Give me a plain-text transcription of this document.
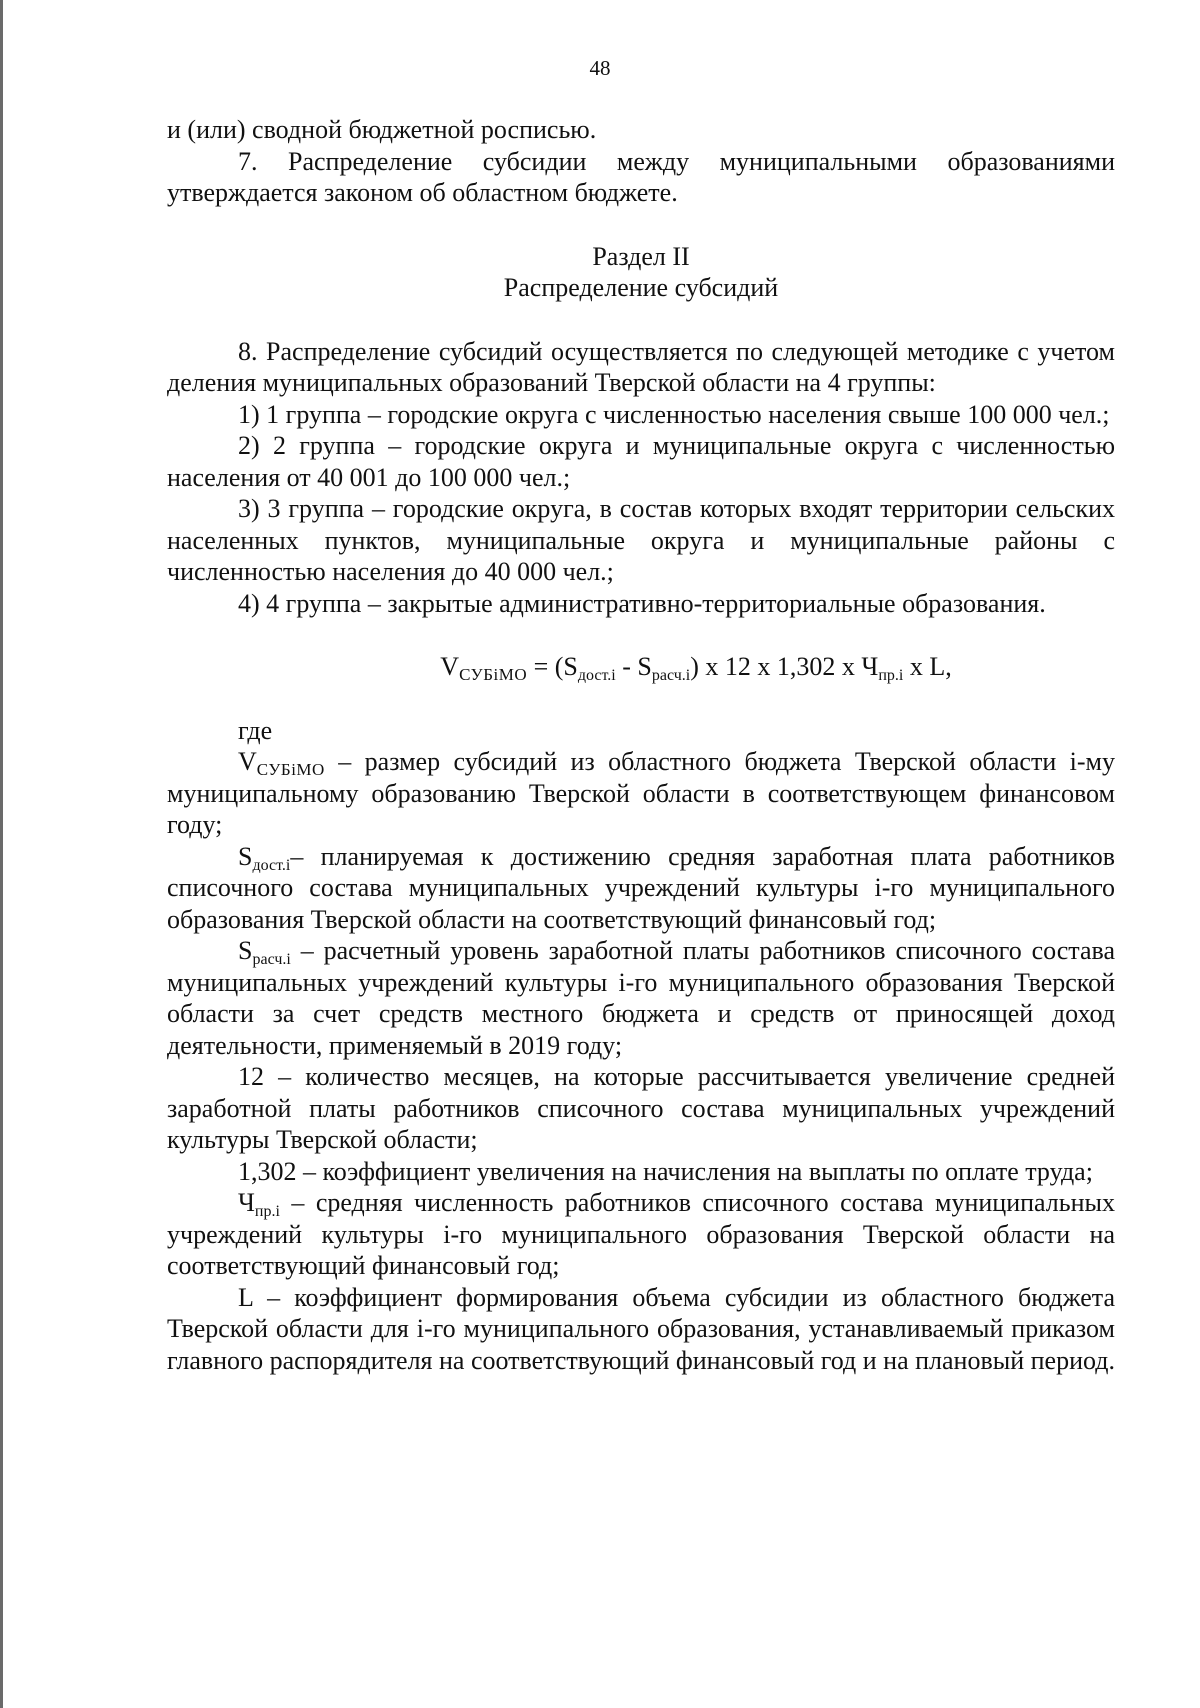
48

и (или) сводной бюджетной росписью.

7. Распределение субсидии между муниципальными образованиями утверждается законом об областном бюджете.

Раздел II

Распределение субсидий

8. Распределение субсидий осуществляется по следующей методике с учетом деления муниципальных образований Тверской области на 4 группы:

1) 1 группа – городские округа с численностью населения свыше 100 000 чел.;

2) 2 группа – городские округа и муниципальные округа с численностью населения от 40 001 до 100 000 чел.;

3) 3 группа – городские округа, в состав которых входят территории сельских населенных пунктов, муниципальные округа и муниципальные районы с численностью населения до 40 000 чел.;

4) 4 группа – закрытые административно-территориальные образования.

$V_{СУБiМО} = (S_{дост.i} - S_{расч.i})$ x 12 x 1,302 x $Ч_{пр.i}$ x L,

где

$V_{СУБiМО}$ – размер субсидий из областного бюджета Тверской области i-му муниципальному образованию Тверской области в соответствующем финансовом году;

$S_{дост.i}-$ планируемая к достижению средняя заработная плата работников списочного состава муниципальных учреждений культуры i-го муниципального образования Тверской области на соответствующий финансовый год;

$S_{расч.i}$ – расчетный уровень заработной платы работников списочного состава муниципальных учреждений культуры i-го муниципального образования Тверской области за счет средств местного бюджета и средств от приносящей доход деятельности, применяемый в 2019 году;

12 – количество месяцев, на которые рассчитывается увеличение средней заработной платы работников списочного состава муниципальных учреждений культуры Тверской области;

1,302 – коэффициент увеличения на начисления на выплаты по оплате труда;

$Ч_{пр.i}$ – средняя численность работников списочного состава муниципальных учреждений культуры i-го муниципального образования Тверской области на соответствующий финансовый год;

L – коэффициент формирования объема субсидии из областного бюджета Тверской области для i-го муниципального образования, устанавливаемый приказом главного распорядителя на соответствующий финансовый год и на плановый период.
